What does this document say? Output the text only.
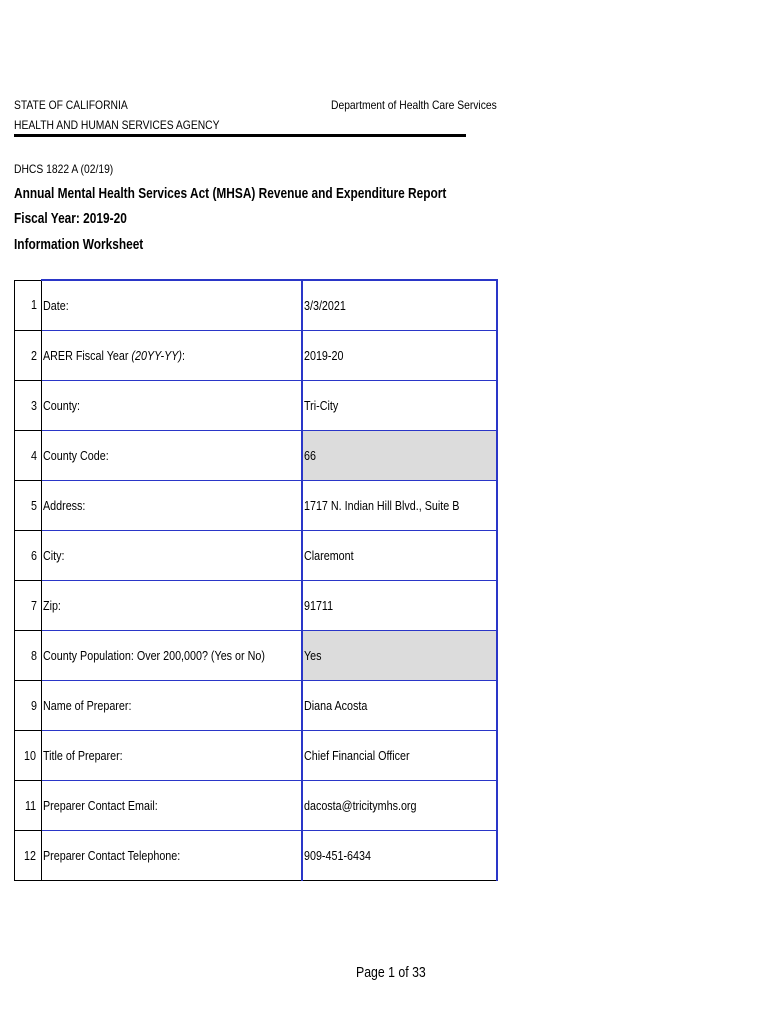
STATE OF CALIFORNIA
HEALTH AND HUMAN SERVICES AGENCY
Department of Health Care Services
DHCS 1822 A (02/19)
Annual Mental Health Services Act (MHSA) Revenue and Expenditure Report
Fiscal Year: 2019-20
Information Worksheet
1	Date:	3/3/2021
2	ARER Fiscal Year (20YY-YY):	2019-20
3	County:	Tri-City
4	County Code:	66
5	Address:	1717 N. Indian Hill Blvd., Suite B
6	City:	Claremont
7	Zip:	91711
8	County Population: Over 200,000? (Yes or No)	Yes
9	Name of Preparer:	Diana Acosta
10	Title of Preparer:	Chief Financial Officer
11	Preparer Contact Email:	dacosta@tricitymhs.org
12	Preparer Contact Telephone:	909-451-6434
Page 1 of 33
